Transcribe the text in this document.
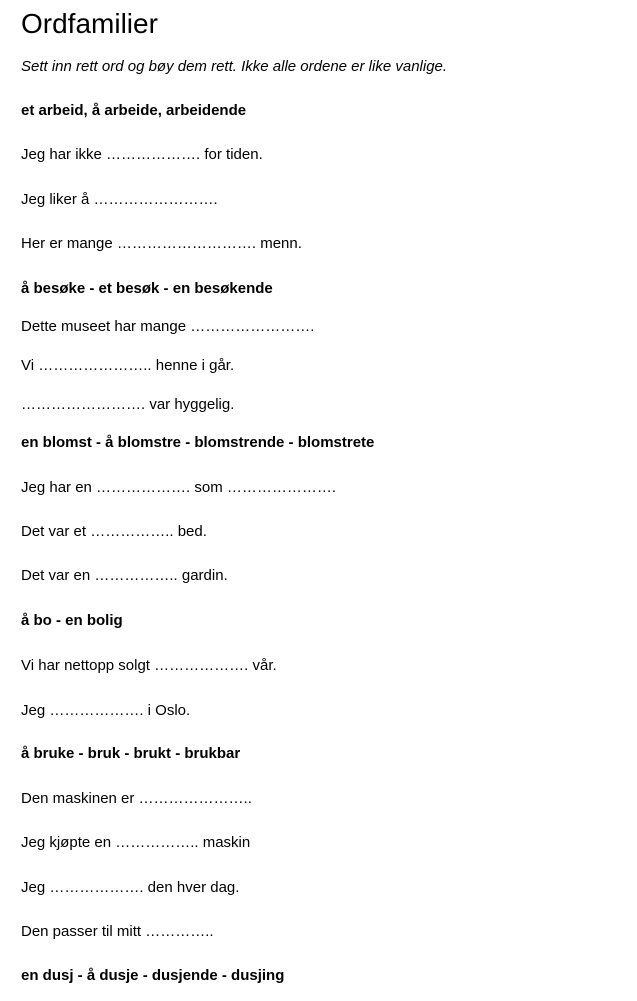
Ordfamilier
Sett inn rett ord og bøy dem rett. Ikke alle ordene er like vanlige.
et arbeid, å arbeide, arbeidende
Jeg har ikke ………………. for tiden.
Jeg liker å …………………….
Her er mange ………………………. menn.
å besøke - et besøk - en besøkende
Dette museet har mange …………………….
Vi ………………….. henne i går.
……………………. var hyggelig.
en blomst - å blomstre - blomstrende - blomstrete
Jeg har en ………………. som ………………….
Det var et …………….. bed.
Det var en …………….. gardin.
å bo - en bolig
Vi har nettopp solgt ………………. vår.
Jeg ………………. i Oslo.
å bruke - bruk - brukt - brukbar
Den maskinen er …………………..
Jeg kjøpte en …………….. maskin
Jeg ………………. den hver dag.
Den passer til mitt …………..
en dusj - å dusje - dusjende - dusjing
